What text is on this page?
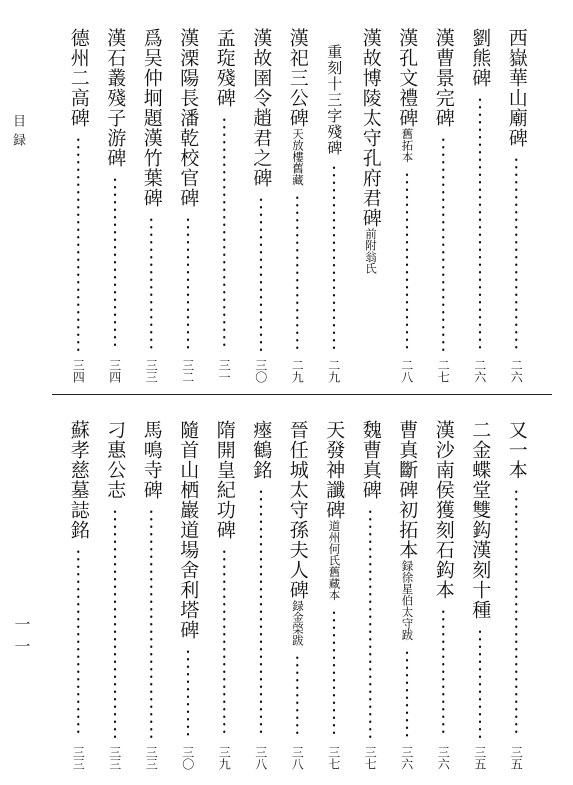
目録
一一
西嶽華山廟碑
二六
劉熊碑
二六
漢曹景完碑
二七
漢孔文禮碑
舊拓本
二八
漢故博陵太守孔府君碑
前附翁氏
重刻十三字殘碑
二九
漢祀三公碑
天放樓舊藏
二九
漢故圉令趙君之碑
三〇
孟琁殘碑
三一
漢溧陽長潘乾校官碑
三二
爲吴仲坰題漢竹葉碑
三三
漢石叢殘子游碑
三四
德州二高碑
三四
又一本
三五
二金蝶堂雙鈎漢刻十種
三五
漢沙南侯獲刻石鈎本
三六
曹真斷碑初拓本
録徐星伯太守跋
三六
魏曹真碑
三七
天發神讖碑
道州何氏舊藏本
三七
晉任城太守孫夫人碑
録金棨跋
三八
瘞鶴銘
三八
隋開皇紀功碑
三九
隨首山栖巖道場舍利塔碑
三〇
馬鳴寺碑
三三
刁惠公志
三三
蘇孝慈墓誌銘
三三
